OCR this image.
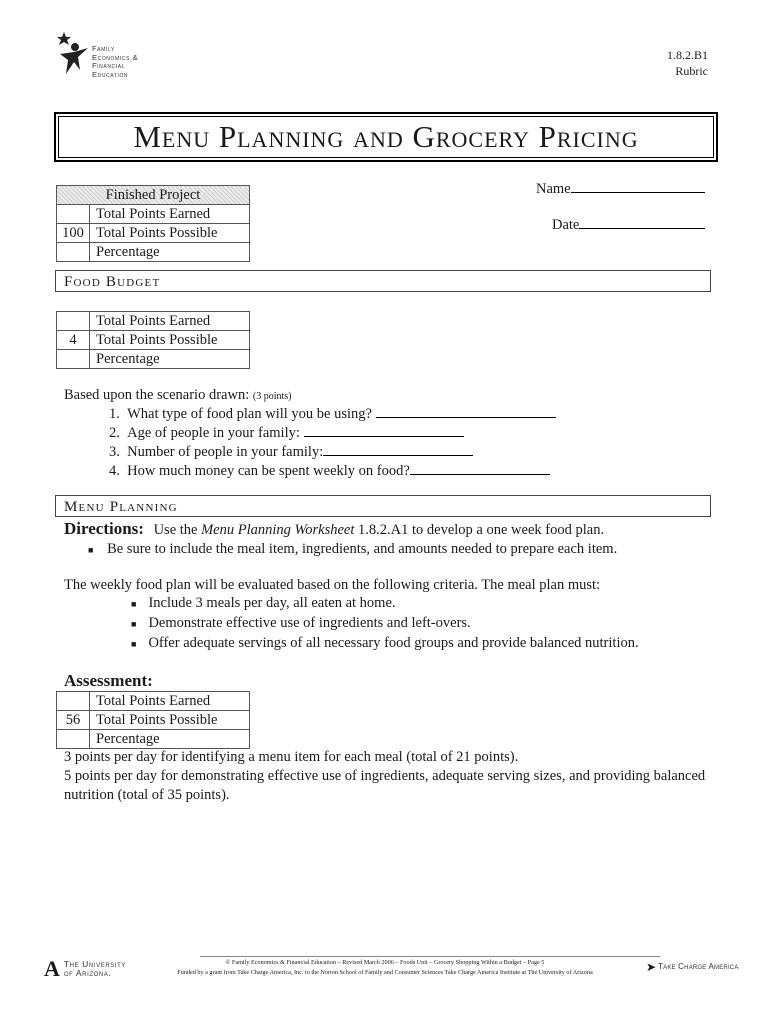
Family
Economics &
Financial
Education
1.8.2.B1
Rubric
Menu Planning and Grocery Pricing
Finished Project	
	Total Points Earned
100	Total Points Possible
	Percentage
Name
Date
Food Budget
	Total Points Earned
4	Total Points Possible
	Percentage
Based upon the scenario drawn: (3 points)
1.  What type of food plan will you be using?
2.  Age of people in your family:
3.  Number of people in your family:
4.  How much money can be spent weekly on food?
Menu Planning
Directions: Use the Menu Planning Worksheet 1.8.2.A1 to develop a one week food plan.
■ Be sure to include the meal item, ingredients, and amounts needed to prepare each item.
The weekly food plan will be evaluated based on the following criteria. The meal plan must:
■ Include 3 meals per day, all eaten at home.
■ Demonstrate effective use of ingredients and left-overs.
■ Offer adequate servings of all necessary food groups and provide balanced nutrition.
Assessment:
	Total Points Earned
56	Total Points Possible
	Percentage
3 points per day for identifying a menu item for each meal (total of 21 points).
5 points per day for demonstrating effective use of ingredients, adequate serving sizes, and providing balanced
nutrition (total of 35 points).
A The University
of Arizona.
© Family Economics & Financial Education – Revised March 2006 – Foods Unit – Grocery Shopping Within a Budget – Page 5
Funded by a grant from Take Charge America, Inc. to the Norton School of Family and Consumer Sciences Take Charge America Institute at The University of Arizona	➤ Take Charge America
